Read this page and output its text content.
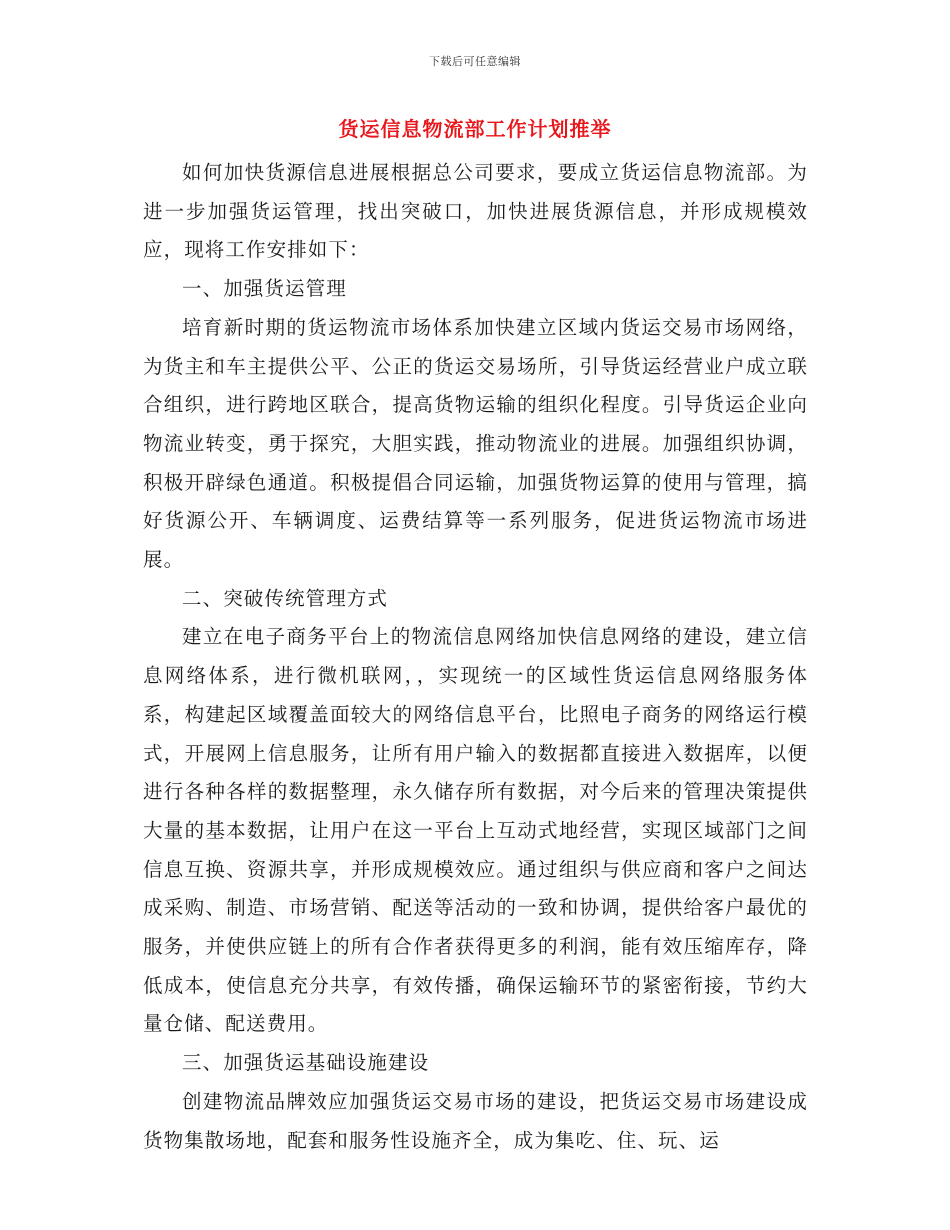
下载后可任意编辑
货运信息物流部工作计划推举

如何加快货源信息进展根据总公司要求，要成立货运信息物流部。为进一步加强货运管理，找出突破口，加快进展货源信息，并形成规模效应，现将工作安排如下：

一、加强货运管理

培育新时期的货运物流市场体系加快建立区域内货运交易市场网络，为货主和车主提供公平、公正的货运交易场所，引导货运经营业户成立联合组织，进行跨地区联合，提高货物运输的组织化程度。引导货运企业向物流业转变，勇于探究，大胆实践，推动物流业的进展。加强组织协调，积极开辟绿色通道。积极提倡合同运输，加强货物运算的使用与管理，搞好货源公开、车辆调度、运费结算等一系列服务，促进货运物流市场进展。

二、突破传统管理方式

建立在电子商务平台上的物流信息网络加快信息网络的建设，建立信息网络体系，进行微机联网，，实现统一的区域性货运信息网络服务体系，构建起区域覆盖面较大的网络信息平台，比照电子商务的网络运行模式，开展网上信息服务，让所有用户输入的数据都直接进入数据库，以便进行各种各样的数据整理，永久储存所有数据，对今后来的管理决策提供大量的基本数据，让用户在这一平台上互动式地经营，实现区域部门之间信息互换、资源共享，并形成规模效应。通过组织与供应商和客户之间达成采购、制造、市场营销、配送等活动的一致和协调，提供给客户最优的服务，并使供应链上的所有合作者获得更多的利润，能有效压缩库存，降低成本，使信息充分共享，有效传播，确保运输环节的紧密衔接，节约大量仓储、配送费用。

三、加强货运基础设施建设

创建物流品牌效应加强货运交易市场的建设，把货运交易市场建设成货物集散场地，配套和服务性设施齐全，成为集吃、住、玩、运
